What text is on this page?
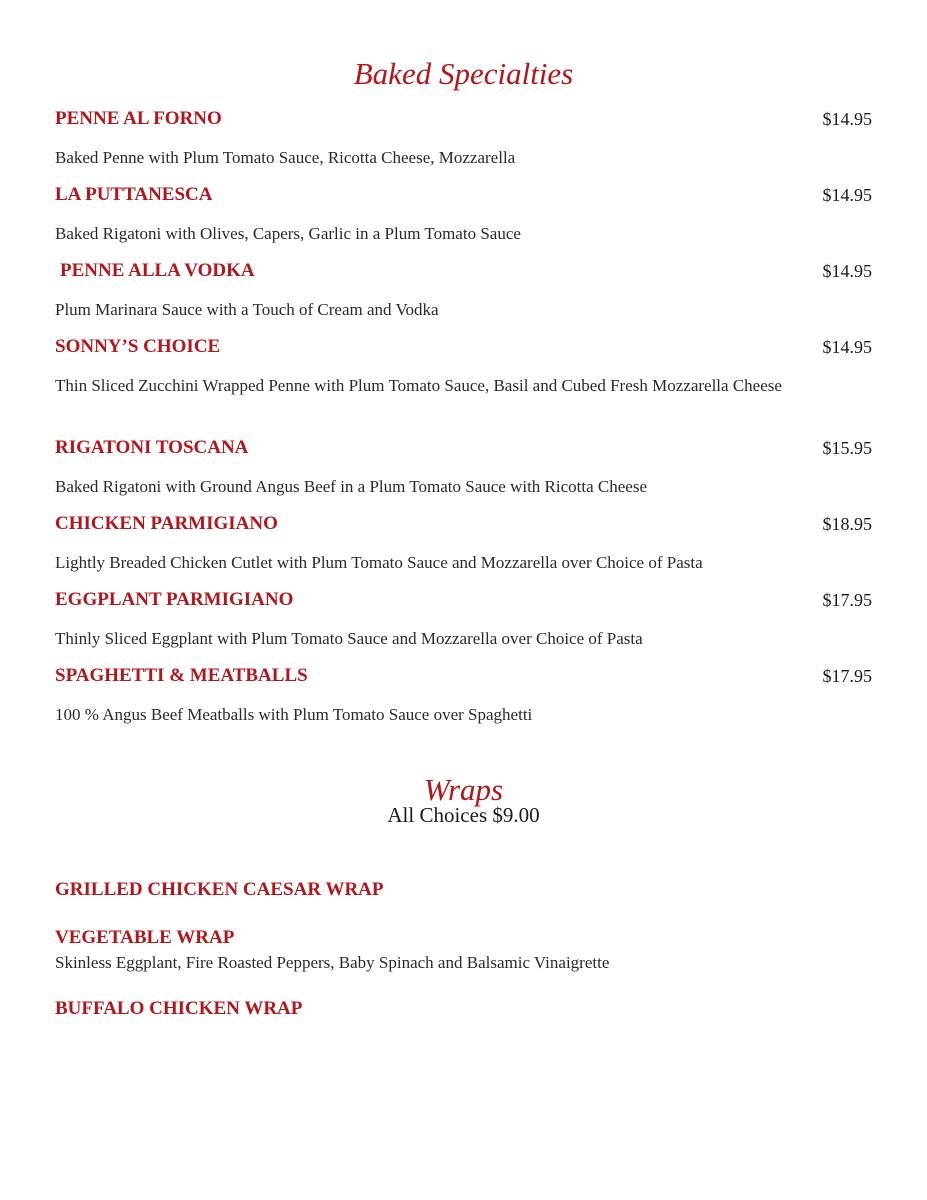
Baked Specialties
PENNE AL FORNO	$14.95
Baked Penne with Plum Tomato Sauce, Ricotta Cheese, Mozzarella
LA PUTTANESCA	$14.95
Baked Rigatoni with Olives, Capers, Garlic in a Plum Tomato Sauce
PENNE ALLA VODKA	$14.95
Plum Marinara Sauce with a Touch of Cream and Vodka
SONNY’S CHOICE	$14.95
Thin Sliced Zucchini Wrapped Penne with Plum Tomato Sauce, Basil and Cubed Fresh Mozzarella Cheese
RIGATONI TOSCANA	$15.95
Baked Rigatoni with Ground Angus Beef in a Plum Tomato Sauce with Ricotta Cheese
CHICKEN PARMIGIANO	$18.95
Lightly Breaded Chicken Cutlet with Plum Tomato Sauce and Mozzarella over Choice of Pasta
EGGPLANT PARMIGIANO	$17.95
Thinly Sliced Eggplant with Plum Tomato Sauce and Mozzarella over Choice of Pasta
SPAGHETTI & MEATBALLS	$17.95
100 % Angus Beef Meatballs with Plum Tomato Sauce over Spaghetti
Wraps
All Choices $9.00
GRILLED CHICKEN CAESAR WRAP
VEGETABLE WRAP
Skinless Eggplant, Fire Roasted Peppers, Baby Spinach and Balsamic Vinaigrette
BUFFALO CHICKEN WRAP
